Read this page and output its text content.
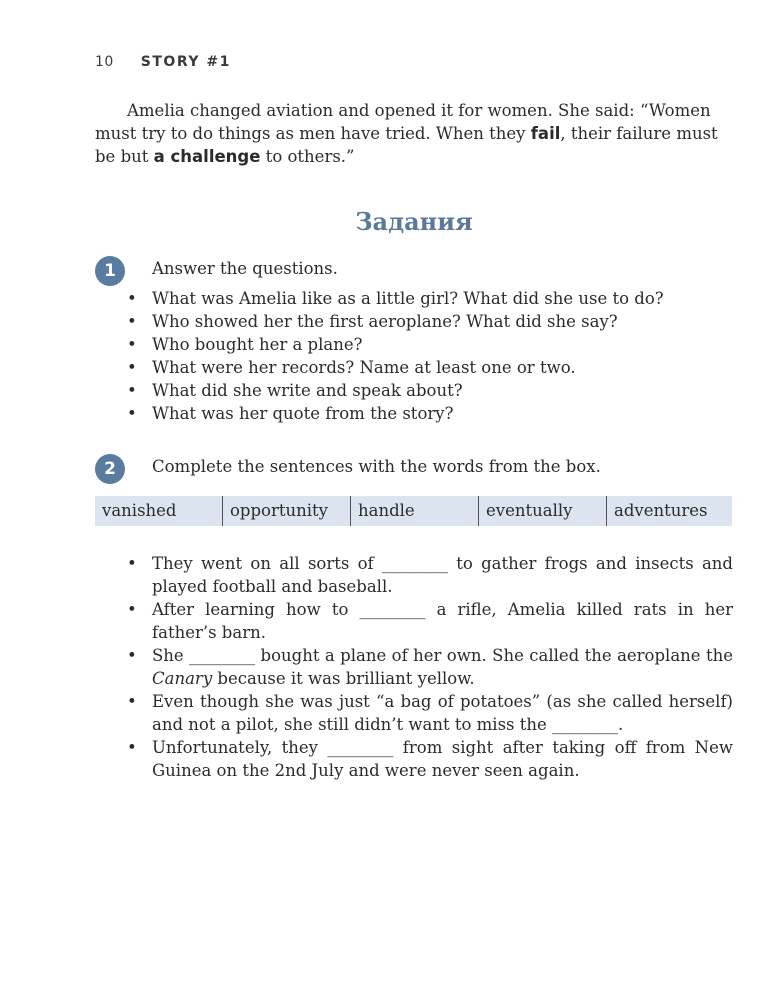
10 STORY #1

Amelia changed aviation and opened it for women. She said: “Women must try to do things as men have tried. When they fail, their failure must be but a challenge to others.”

Задания
1	Answer the questions.

• What was Amelia like as a little girl? What did she use to do?
• Who showed her the first aeroplane? What did she say?
• Who bought her a plane?
• What were her records? Name at least one or two.
• What did she write and speak about?
• What was her quote from the story?
2	Complete the sentences with the words from the box.

vanished	opportunity	handle	eventually	adventures
• They went on all sorts of ________ to gather frogs and insects and played football and baseball.
• After learning how to ________ a rifle, Amelia killed rats in her father’s barn.
• She ________ bought a plane of her own. She called the aeroplane the Canary because it was brilliant yellow.
• Even though she was just “a bag of potatoes” (as she called herself) and not a pilot, she still didn’t want to miss the ________.
• Unfortunately, they ________ from sight after taking off from New Guinea on the 2nd July and were never seen again.
